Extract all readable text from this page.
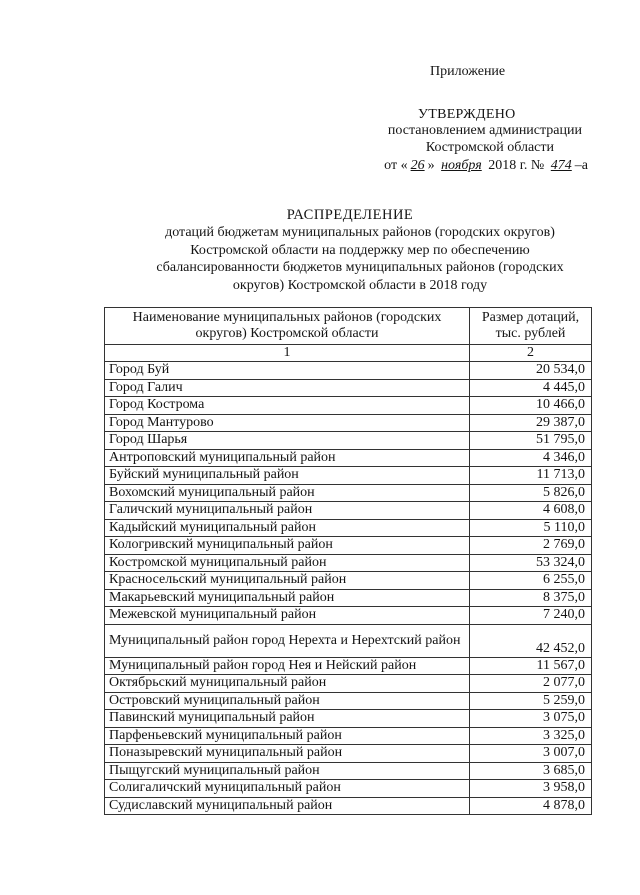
Приложение
УТВЕРЖДЕНО
постановлением администрации
Костромской области
от « 26 » ноября 2018 г. № 474 –а
РАСПРЕДЕЛЕНИЕ
дотаций бюджетам муниципальных районов (городских округов) Костромской области на поддержку мер по обеспечению сбалансированности бюджетов муниципальных районов (городских округов) Костромской области в 2018 году
Наименование муниципальных районов (городских округов) Костромской области	Размер дотаций, тыс. рублей
1	2
Город Буй	20 534,0
Город Галич	4 445,0
Город Кострома	10 466,0
Город Мантурово	29 387,0
Город Шарья	51 795,0
Антроповский муниципальный район	4 346,0
Буйский муниципальный район	11 713,0
Вохомский муниципальный район	5 826,0
Галичский муниципальный район	4 608,0
Кадыйский муниципальный район	5 110,0
Кологривский муниципальный район	2 769,0
Костромской муниципальный район	53 324,0
Красносельский муниципальный район	6 255,0
Макарьевский муниципальный район	8 375,0
Межевской муниципальный район	7 240,0
Муниципальный район город Нерехта и Нерехтский район	42 452,0
Муниципальный район город Нея и Нейский район	11 567,0
Октябрьский муниципальный район	2 077,0
Островский муниципальный район	5 259,0
Павинский муниципальный район	3 075,0
Парфеньевский муниципальный район	3 325,0
Поназыревский муниципальный район	3 007,0
Пыщугский муниципальный район	3 685,0
Солигаличский муниципальный район	3 958,0
Судиславский муниципальный район	4 878,0
